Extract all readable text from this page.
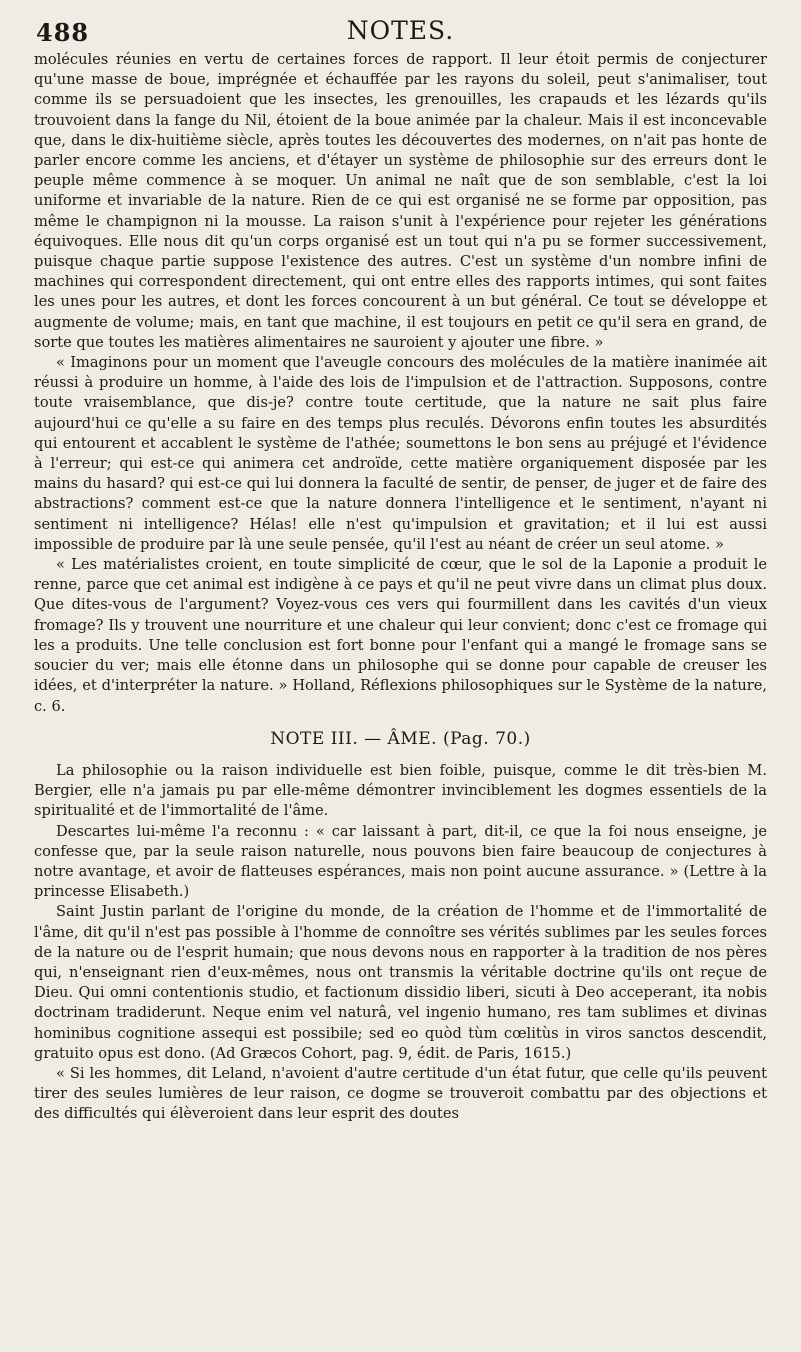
488	NOTES.

molécules réunies en vertu de certaines forces de rapport. Il leur étoit permis de conjecturer qu'une masse de boue, imprégnée et échauffée par les rayons du soleil, peut s'animaliser, tout comme ils se persuadoient que les insectes, les grenouilles, les crapauds et les lézards qu'ils trouvoient dans la fange du Nil, étoient de la boue animée par la chaleur. Mais il est inconcevable que, dans le dix-huitième siècle, après toutes les découvertes des modernes, on n'ait pas honte de parler encore comme les anciens, et d'étayer un système de philosophie sur des erreurs dont le peuple même commence à se moquer. Un animal ne naît que de son semblable, c'est la loi uniforme et invariable de la nature. Rien de ce qui est organisé ne se forme par opposition, pas même le champignon ni la mousse. La raison s'unit à l'expérience pour rejeter les générations équivoques. Elle nous dit qu'un corps organisé est un tout qui n'a pu se former successivement, puisque chaque partie suppose l'existence des autres. C'est un système d'un nombre infini de machines qui correspondent directement, qui ont entre elles des rapports intimes, qui sont faites les unes pour les autres, et dont les forces concourent à un but général. Ce tout se développe et augmente de volume; mais, en tant que machine, il est toujours en petit ce qu'il sera en grand, de sorte que toutes les matières alimentaires ne sauroient y ajouter une fibre. »

« Imaginons pour un moment que l'aveugle concours des molécules de la matière inanimée ait réussi à produire un homme, à l'aide des lois de l'impulsion et de l'attraction. Supposons, contre toute vraisemblance, que dis-je? contre toute certitude, que la nature ne sait plus faire aujourd'hui ce qu'elle a su faire en des temps plus reculés. Dévorons enfin toutes les absurdités qui entourent et accablent le système de l'athée; soumettons le bon sens au préjugé et l'évidence à l'erreur; qui est-ce qui animera cet androïde, cette matière organiquement disposée par les mains du hasard? qui est-ce qui lui donnera la faculté de sentir, de penser, de juger et de faire des abstractions? comment est-ce que la nature donnera l'intelligence et le sentiment, n'ayant ni sentiment ni intelligence? Hélas! elle n'est qu'impulsion et gravitation; et il lui est aussi impossible de produire par là une seule pensée, qu'il l'est au néant de créer un seul atome. »

« Les matérialistes croient, en toute simplicité de cœur, que le sol de la Laponie a produit le renne, parce que cet animal est indigène à ce pays et qu'il ne peut vivre dans un climat plus doux. Que dites-vous de l'argument? Voyez-vous ces vers qui fourmillent dans les cavités d'un vieux fromage? Ils y trouvent une nourriture et une chaleur qui leur convient; donc c'est ce fromage qui les a produits. Une telle conclusion est fort bonne pour l'enfant qui a mangé le fromage sans se soucier du ver; mais elle étonne dans un philosophe qui se donne pour capable de creuser les idées, et d'interpréter la nature. » Holland, Réflexions philosophiques sur le Système de la nature, c. 6.

NOTE III. — ÂME. (Pag. 70.)

La philosophie ou la raison individuelle est bien foible, puisque, comme le dit très-bien M. Bergier, elle n'a jamais pu par elle-même démontrer invinciblement les dogmes essentiels de la spiritualité et de l'immortalité de l'âme.

Descartes lui-même l'a reconnu : « car laissant à part, dit-il, ce que la foi nous enseigne, je confesse que, par la seule raison naturelle, nous pouvons bien faire beaucoup de conjectures à notre avantage, et avoir de flatteuses espérances, mais non point aucune assurance. » (Lettre à la princesse Elisabeth.)

Saint Justin parlant de l'origine du monde, de la création de l'homme et de l'immortalité de l'âme, dit qu'il n'est pas possible à l'homme de connoître ses vérités sublimes par les seules forces de la nature ou de l'esprit humain; que nous devons nous en rapporter à la tradition de nos pères qui, n'enseignant rien d'eux-mêmes, nous ont transmis la véritable doctrine qu'ils ont reçue de Dieu. Qui omni contentionis studio, et factionum dissidio liberi, sicuti à Deo acceperant, ita nobis doctrinam tradiderunt. Neque enim vel naturâ, vel ingenio humano, res tam sublimes et divinas hominibus cognitione assequi est possibile; sed eo quòd tùm cœlitùs in viros sanctos descendit, gratuito opus est dono. (Ad Græcos Cohort, pag. 9, édit. de Paris, 1615.)

« Si les hommes, dit Leland, n'avoient d'autre certitude d'un état futur, que celle qu'ils peuvent tirer des seules lumières de leur raison, ce dogme se trouveroit combattu par des objections et des difficultés qui élèveroient dans leur esprit des doutes
